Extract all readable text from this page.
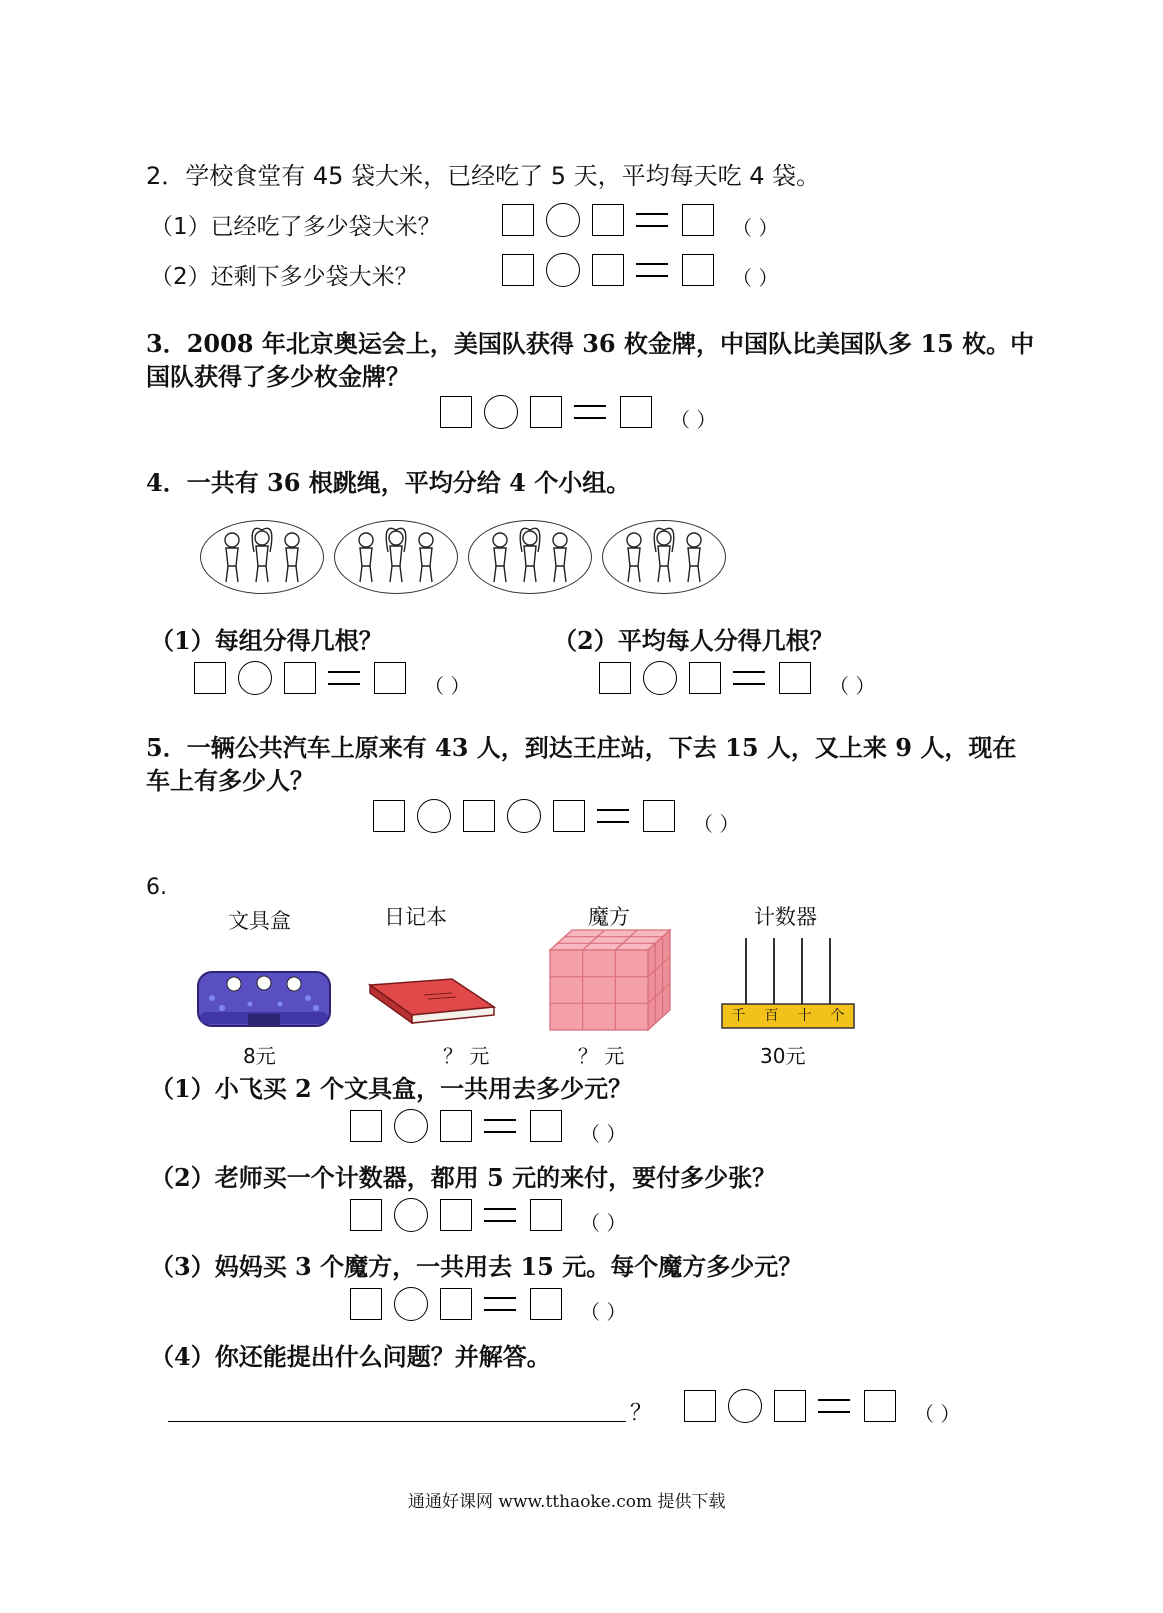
2．学校食堂有 45 袋大米，已经吃了 5 天，平均每天吃 4 袋。
（1）已经吃了多少袋大米？	（ ）
（2）还剩下多少袋大米？	（ ）
3．2008 年北京奥运会上，美国队获得 36 枚金牌，中国队比美国队多 15 枚。中
国队获得了多少枚金牌？
（ ）
4．一共有 36 根跳绳，平均分给 4 个小组。
（1）每组分得几根？	（2）平均每人分得几根？
（ ）	（ ）
5．一辆公共汽车上原来有 43 人，到达王庄站，下去 15 人，又上来 9 人，现在
车上有多少人？
（ ）
6.
文具盒	日记本	魔方	计数器
千 百 十 个
8元	？ 元	？ 元	30元
（1）小飞买 2 个文具盒，一共用去多少元？
（ ）
（2）老师买一个计数器，都用 5 元的来付，要付多少张？
（ ）
（3）妈妈买 3 个魔方，一共用去 15 元。每个魔方多少元？
（ ）
（4）你还能提出什么问题？并解答。
？	（ ）
通通好课网 www.tthaoke.com 提供下载
